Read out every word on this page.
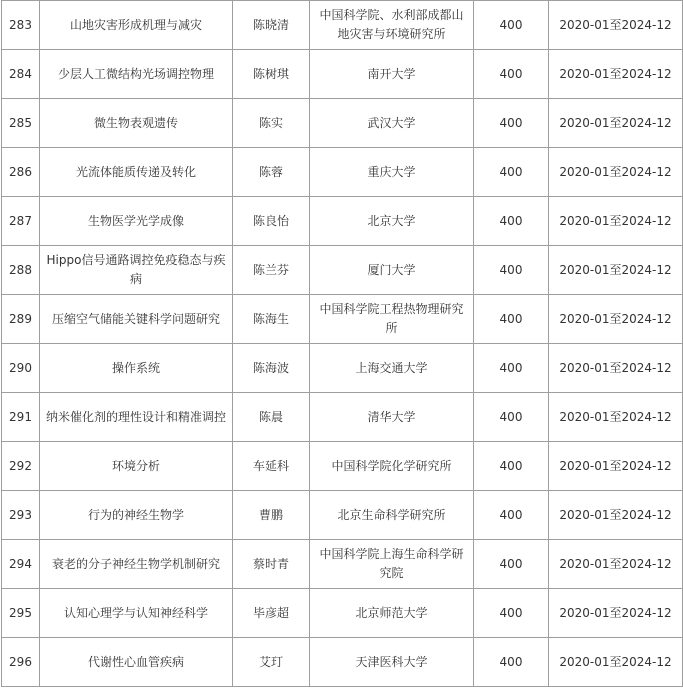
283	山地灾害形成机理与减灾	陈晓清	中国科学院、水利部成都山地灾害与环境研究所	400	2020-01至2024-12
284	少层人工微结构光场调控物理	陈树琪	南开大学	400	2020-01至2024-12
285	微生物表观遗传	陈实	武汉大学	400	2020-01至2024-12
286	光流体能质传递及转化	陈蓉	重庆大学	400	2020-01至2024-12
287	生物医学光学成像	陈良怡	北京大学	400	2020-01至2024-12
288	Hippo信号通路调控免疫稳态与疾病	陈兰芬	厦门大学	400	2020-01至2024-12
289	压缩空气储能关键科学问题研究	陈海生	中国科学院工程热物理研究所	400	2020-01至2024-12
290	操作系统	陈海波	上海交通大学	400	2020-01至2024-12
291	纳米催化剂的理性设计和精准调控	陈晨	清华大学	400	2020-01至2024-12
292	环境分析	车延科	中国科学院化学研究所	400	2020-01至2024-12
293	行为的神经生物学	曹鹏	北京生命科学研究所	400	2020-01至2024-12
294	衰老的分子神经生物学机制研究	蔡时青	中国科学院上海生命科学研究院	400	2020-01至2024-12
295	认知心理学与认知神经科学	毕彦超	北京师范大学	400	2020-01至2024-12
296	代谢性心血管疾病	艾玎	天津医科大学	400	2020-01至2024-12
